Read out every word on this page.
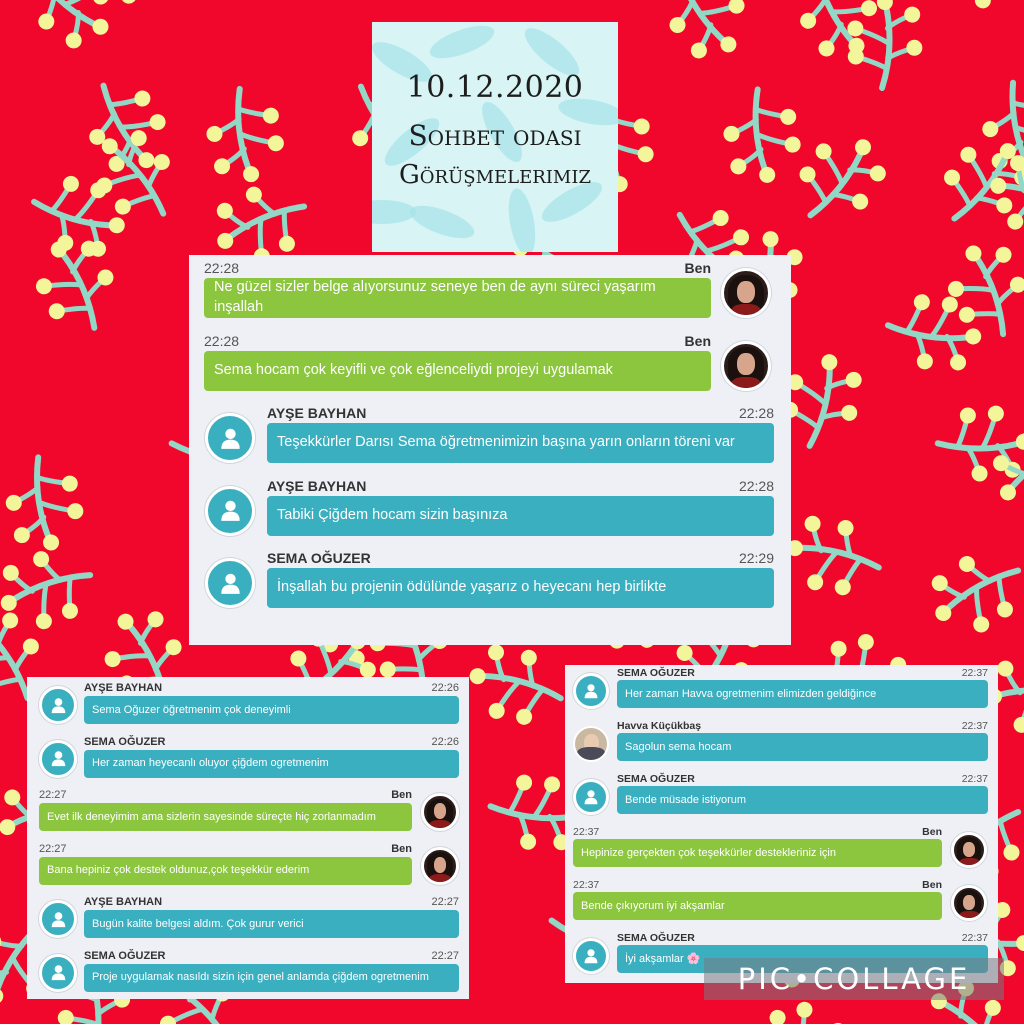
10.12.2020
Sohbet odası
Görüşmelerimiz
22:28	Ben
Ne güzel sizler belge alıyorsunuz seneye ben de aynı süreci yaşarım inşallah
22:28	Ben
Sema hocam çok keyifli ve çok eğlenceliydi projeyi uygulamak
22:28
AYŞE BAYHAN
Teşekkürler Darısı Sema öğretmenimizin başına yarın onların töreni var
22:28
AYŞE BAYHAN
Tabiki Çiğdem hocam sizin başınıza
22:29
SEMA OĞUZER
İnşallah bu projenin ödülünde yaşarız o heyecanı hep birlikte
22:26
AYŞE BAYHAN
Sema Oğuzer öğretmenim çok deneyimli
22:26
SEMA OĞUZER
Her zaman heyecanlı oluyor çiğdem ogretmenim
22:27	Ben
Evet ilk deneyimim ama sizlerin sayesinde süreçte hiç zorlanmadım
22:27	Ben
Bana hepiniz çok destek oldunuz,çok teşekkür ederim
22:27
AYŞE BAYHAN
Bugün kalite belgesi aldım. Çok gurur verici
22:27
SEMA OĞUZER
Proje uygulamak nasıldı sizin için genel anlamda çiğdem ogretmenim
22:37
SEMA OĞUZER
Her zaman Havva ogretmenim elimizden geldiğince
22:37
Havva Küçükbaş
Sagolun sema hocam
22:37
SEMA OĞUZER
Bende müsade istiyorum
22:37	Ben
Hepinize gerçekten çok teşekkürler destekleriniz için
22:37	Ben
Bende çıkıyorum iyi akşamlar
22:37
SEMA OĞUZER
İyi akşamlar 🌸
PIC•COLLAGE
